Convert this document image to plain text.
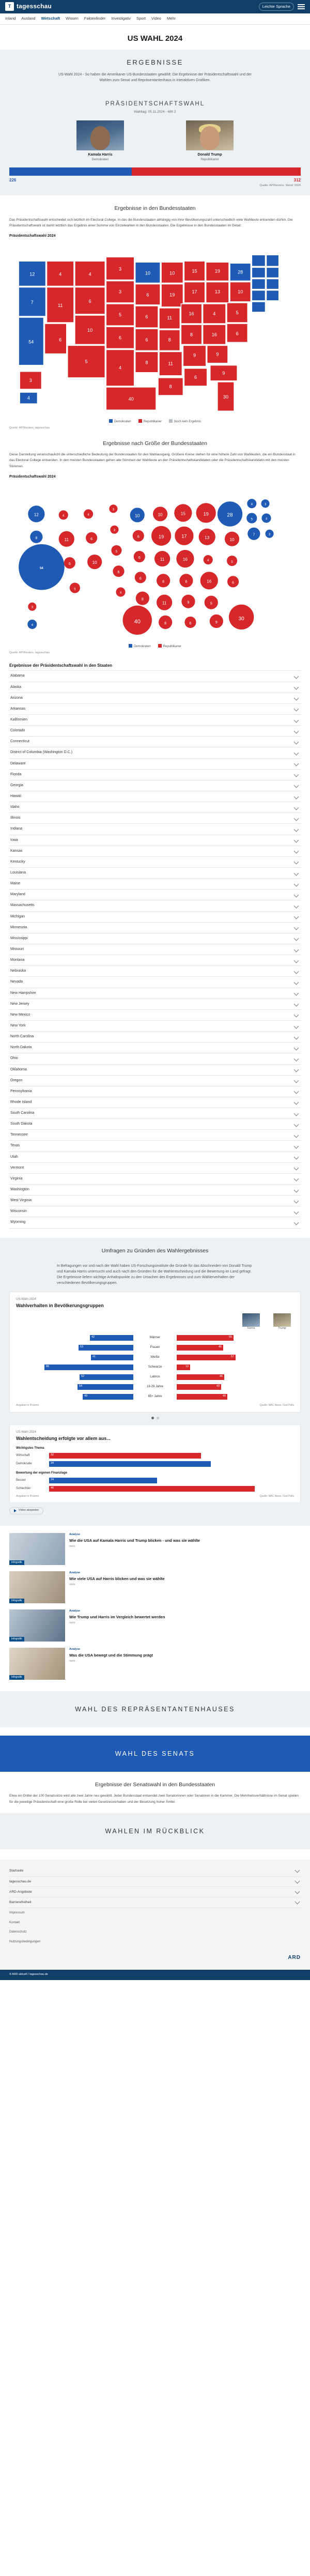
T tagesschau	Leichte Sprache
Inland Ausland Wirtschaft Wissen Faktenfinder Investigativ Sport Video Mehr
US WAHL 2024
ERGEBNISSE
US-Wahl 2024 - So haben die Amerikaner US-Bundesstaaten gewählt: Die Ergebnisse der Präsidentschaftswahl und der Wahlen zum Senat und Repräsentantenhaus in interaktiven Grafiken.
PRÄSIDENTSCHAFTSWAHL
Wahltag: 05.11.2024 - 48h 2
Kamala Harris
Demokraten
Donald Trump
Republikaner
226	312
Quelle: AP/Reuters, Stand: 2024
Ergebnisse in den Bundesstaaten
Das Präsidentschaftswahl entscheidet sich letztlich im Electoral College. In das die Bundesstaaten abhängig von ihrer Bevölkerungszahl unterschiedlich viele Wahlleute entsenden dürfen. Die Präsidentschaftswahl ist damit letztlich das Ergebnis einer Summe von Einzelwahlen in den Bundesstaaten. Die Ergebnisse in den Bundesstaaten im Detail:
Präsidentschaftswahl 2024
12
7
54	6
4
11
4
6
10
5
3
3
5
6
4
10
6
6
6
8
10
19
11
8
11
15
17
16
8
9
19
13
4
16
9
28
10
5
6
40
8
6
9
30
3
4
Demokraten	Republikaner	Noch kein Ergebnis
Quelle: AP/Reuters, tagesschau
Ergebnisse nach Größe der Bundesstaaten
Diese Darstellung veranschaulicht die unterschiedliche Bedeutung der Bundesstaaten für den Wahlausgang. Größere Kreise stehen für eine höhere Zahl von Wahlleuten, die ein Bundesstaat in das Electoral College entsenden. In den meisten Bundesstaaten gehen alle Stimmen der Wahlleute an den Präsidentschaftskandidaten oder die Präsidentschaftskandidatin mit den meisten Stimmen.
Präsidentschaftswahl 2024
54
12
8
4
11
6
5
4
6
10
3
3
5
6
4
10
6
6
6
8
10
19
11
8
11
15
17
16
8
9
19
13
4
16
9
28
10
5
6
4	3
5	4
7	3
40	8	6	9
30
3
4
Demokraten	Republikaner
Quelle: AP/Reuters, tagesschau
Ergebnisse der Präsidentschaftswahl in den Staaten
Alabama
Alaska
Arizona
Arkansas
Kalifornien
Colorado
Connecticut
District of Columbia (Washington D.C.)
Delaware
Florida
Georgia
Hawaii
Idaho
Illinois
Indiana
Iowa
Kansas
Kentucky
Louisiana
Maine
Maryland
Massachusetts
Michigan
Minnesota
Mississippi
Missouri
Montana
Nebraska
Nevada
New Hampshire
New Jersey
New Mexico
New York
North Carolina
North Dakota
Ohio
Oklahoma
Oregon
Pennsylvania
Rhode Island
South Carolina
South Dakota
Tennessee
Texas
Utah
Vermont
Virginia
Washington
West Virginia
Wisconsin
Wyoming
Umfragen zu Gründen des Wahlergebnisses
In Befragungen vor und nach der Wahl haben US-Forschungsinstitute die Gründe für das Abschneiden von Donald Trump und Kamala Harris untersucht und auch nach den Gründen für die Wahlentscheidung und die Bewertung im Land gefragt. Die Ergebnisse liefern wichtige Anhaltspunkte zu den Ursachen des Ergebnisses und zum Wählerverhalten der verschiedenen Bevölkerungsgruppen.
US-Wahl 2024
Wahlverhalten in Bevölkerungsgruppen
Harris	Trump
42	Männer	55
53	Frauen	45
41	Weiße	57
86	Schwarze	13
52	Latinos	46
54	18-29 Jahre	43
49	65+ Jahre	49
Angaben in Prozent	Quelle: NBC News / Exit Polls
US-Wahl 2024
Wahlentscheidung erfolgte vor allem aus...
Wichtigstes Thema
Wirtschaft	32
Demokratie	34
Bewertung der eigenen Finanzlage
Besser	24
Schlechter	46
Angaben in Prozent	Quelle: NBC News / Exit Polls
Video abspielen
Infografik
Analyse
Wie die USA auf Kamala Harris und Trump blicken - und was sie wählte
mehr
Infografik
Analyse
Wie viele USA auf Harris blicken und was sie wählte
mehr
Infografik
Analyse
Wie Trump und Harris im Vergleich bewertet werden
mehr
Infografik
Analyse
Was die USA bewegt und die Stimmung prägt
mehr
WAHL DES REPRÄSENTANTENHAUSES
WAHL DES SENATS
Ergebnisse der Senatswahl in den Bundesstaaten
Etwa ein Drittel der 100 Senatssitze wird alle zwei Jahre neu gewählt. Jeder Bundesstaat entsendet zwei Senatorinnen oder Senatoren in die Kammer. Die Mehrheitsverhältnisse im Senat spielen für die jeweilige Präsidentschaft eine große Rolle bei vielen Gesetzesvorhaben und der Besetzung hoher Ämter.
WAHLEN IM RÜCKBLICK
Startseite
tagesschau.de
ARD-Angebote
Barrierefreiheit
Impressum
Kontakt
Datenschutz
Nutzungsbedingungen
ARD
© ARD-aktuell / tagesschau.de
